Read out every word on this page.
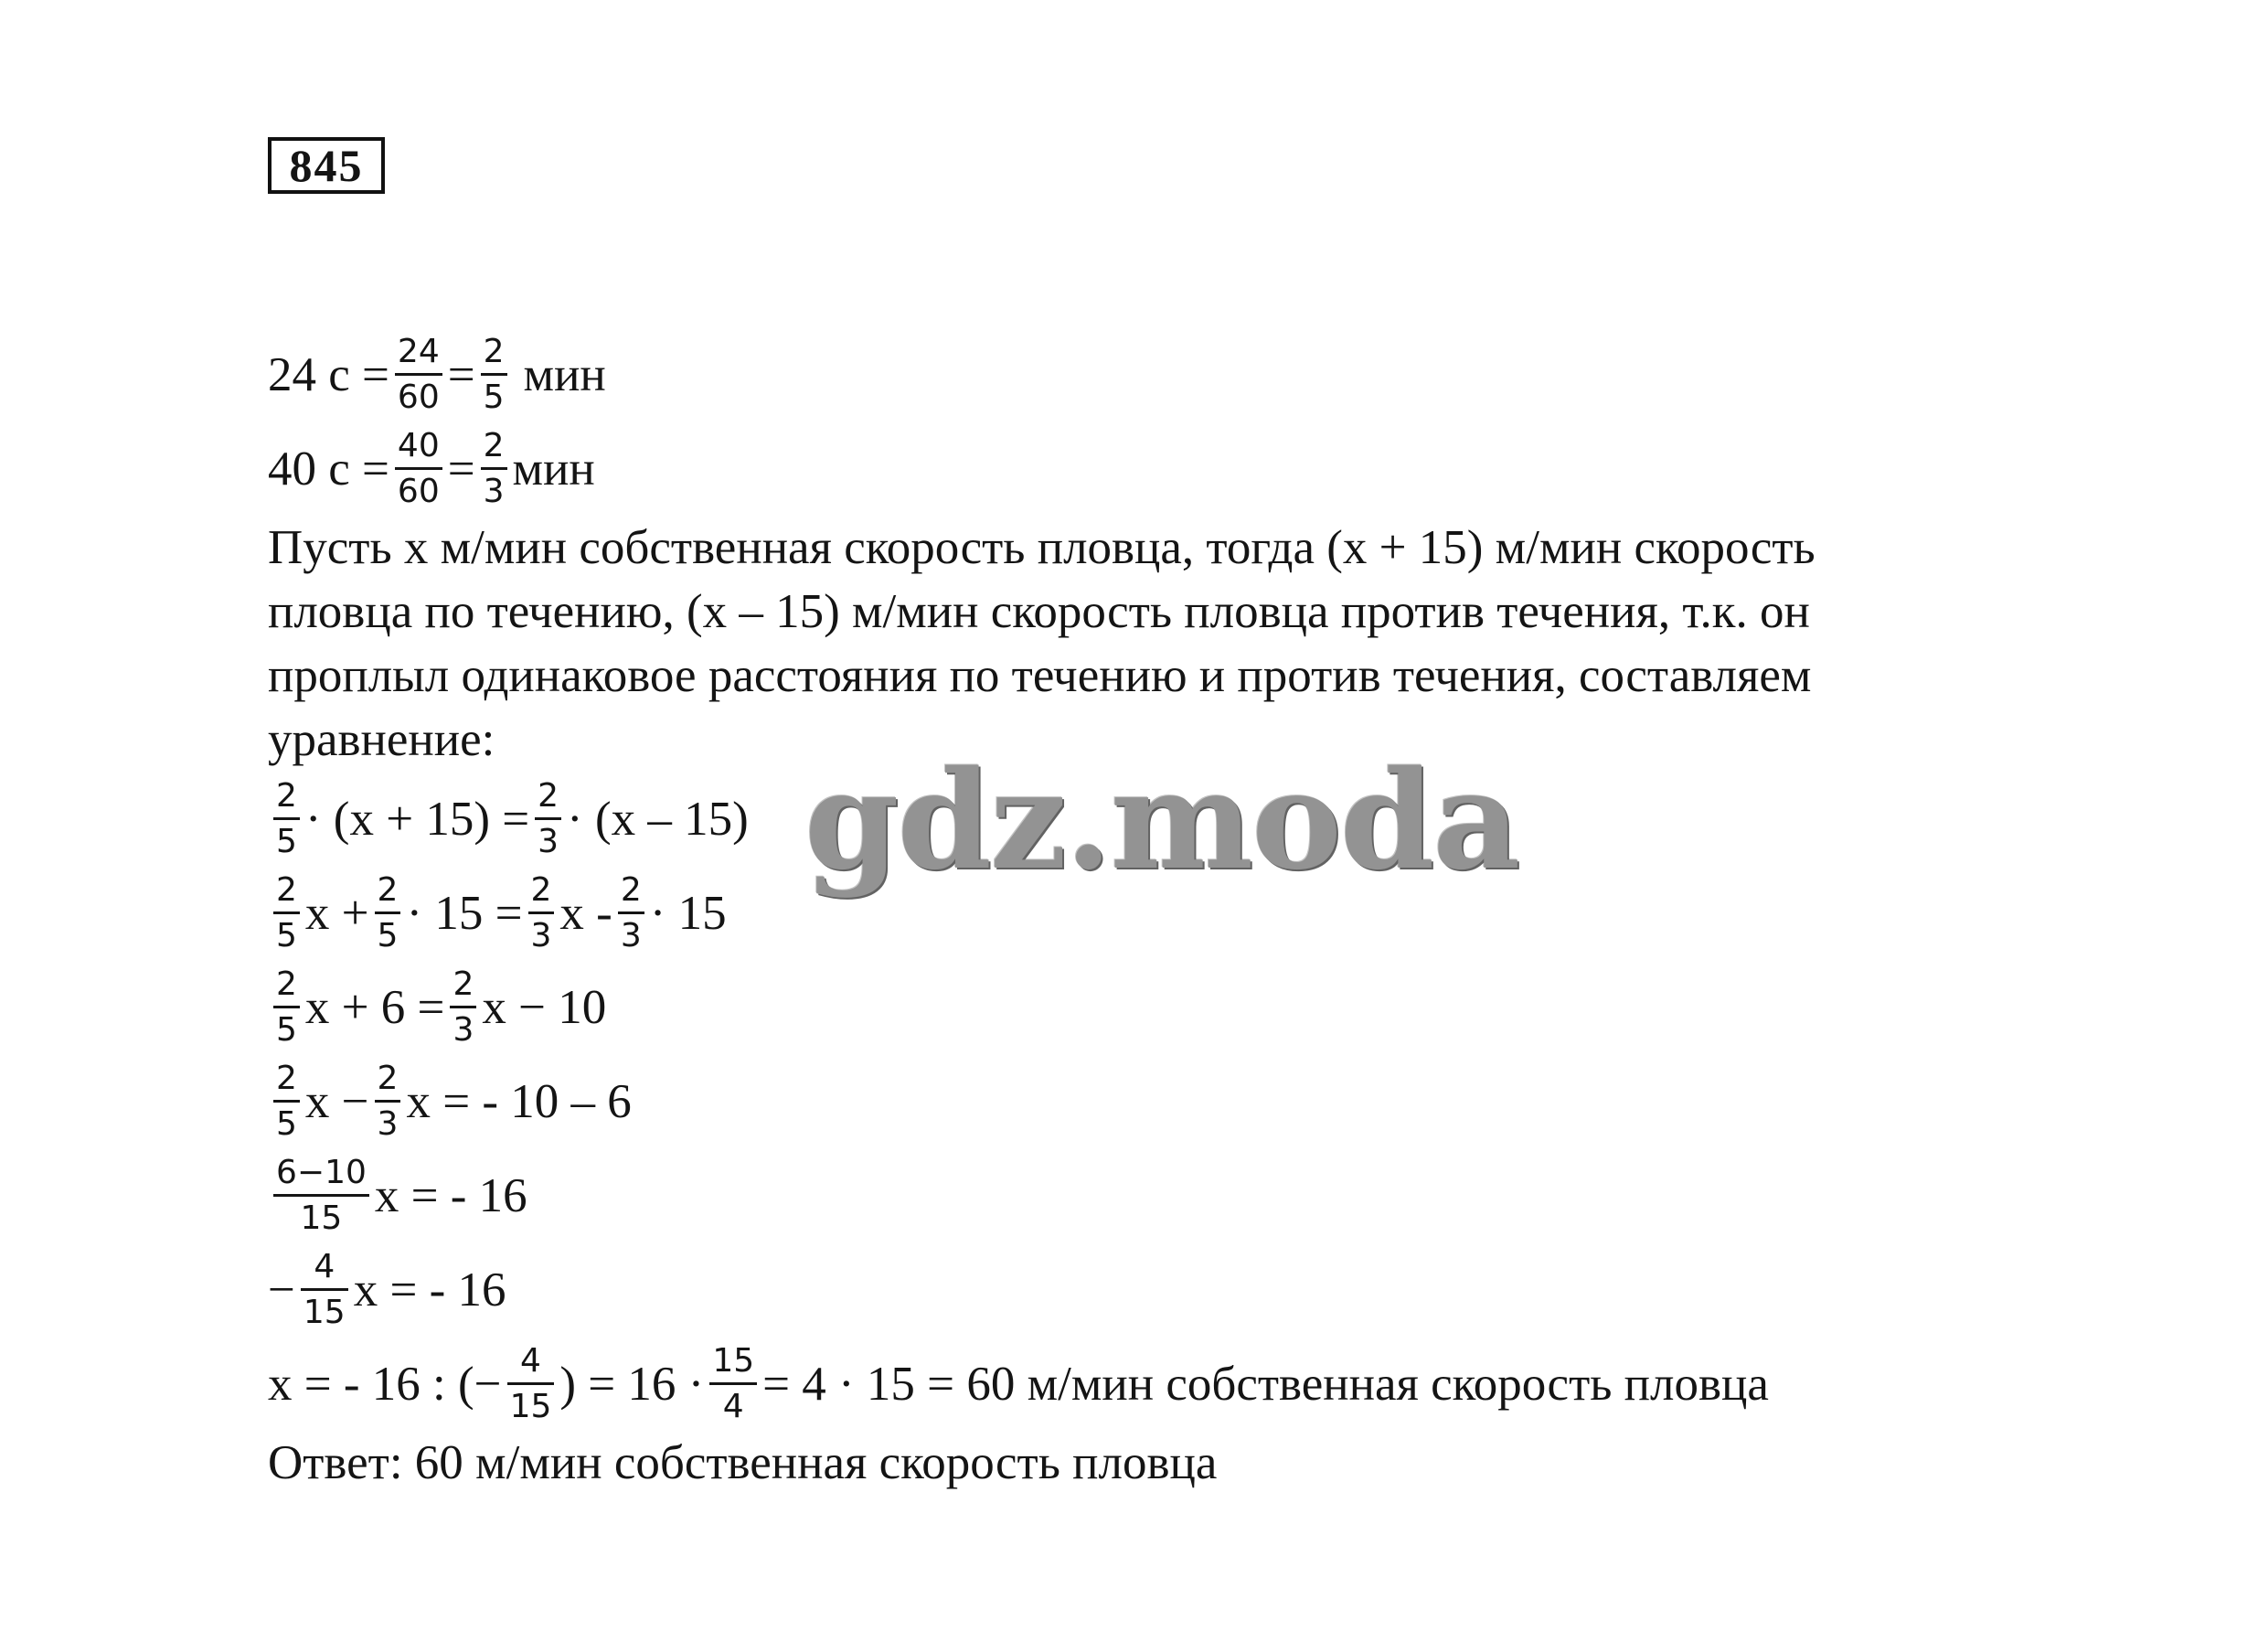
845
24 $с = \frac{24}{60} = \frac{2}{5}$ мин
40 $с = \frac{40}{60} = \frac{2}{3}$ мин
Пусть x м/мин собственная скорость пловца, тогда (x + 15) м/мин скорость
пловца по течению, (x – 15) м/мин скорость пловца против течения, т.к. он
проплыл одинаковое расстояния по течению и против течения, составляем
уравнение:
$\frac{2}{5} \cdot (x + 15) = \frac{2}{3} \cdot (x - 15)$
$\frac{2}{5}$ $x + \frac{2}{5} \cdot 15 = \frac{2}{3}$ $x - \frac{2}{3} \cdot 15$
$\frac{2}{5}$ $x + 6 = \frac{2}{3}$ x − 10
$\frac{2}{5}$ $x - \frac{2}{3}$ x = - 10 – 6
$\frac{6-10}{15}$ x = - 16
− $\frac{4}{15}$ x = - 16
x = - 16 : (− $\frac{4}{15}$ ) = $16 \cdot \frac{15}{4} = 4 \cdot 15 = 60$ м/мин собственная скорость пловца
Ответ: 60 м/мин собственная скорость пловца
gdz.moda
